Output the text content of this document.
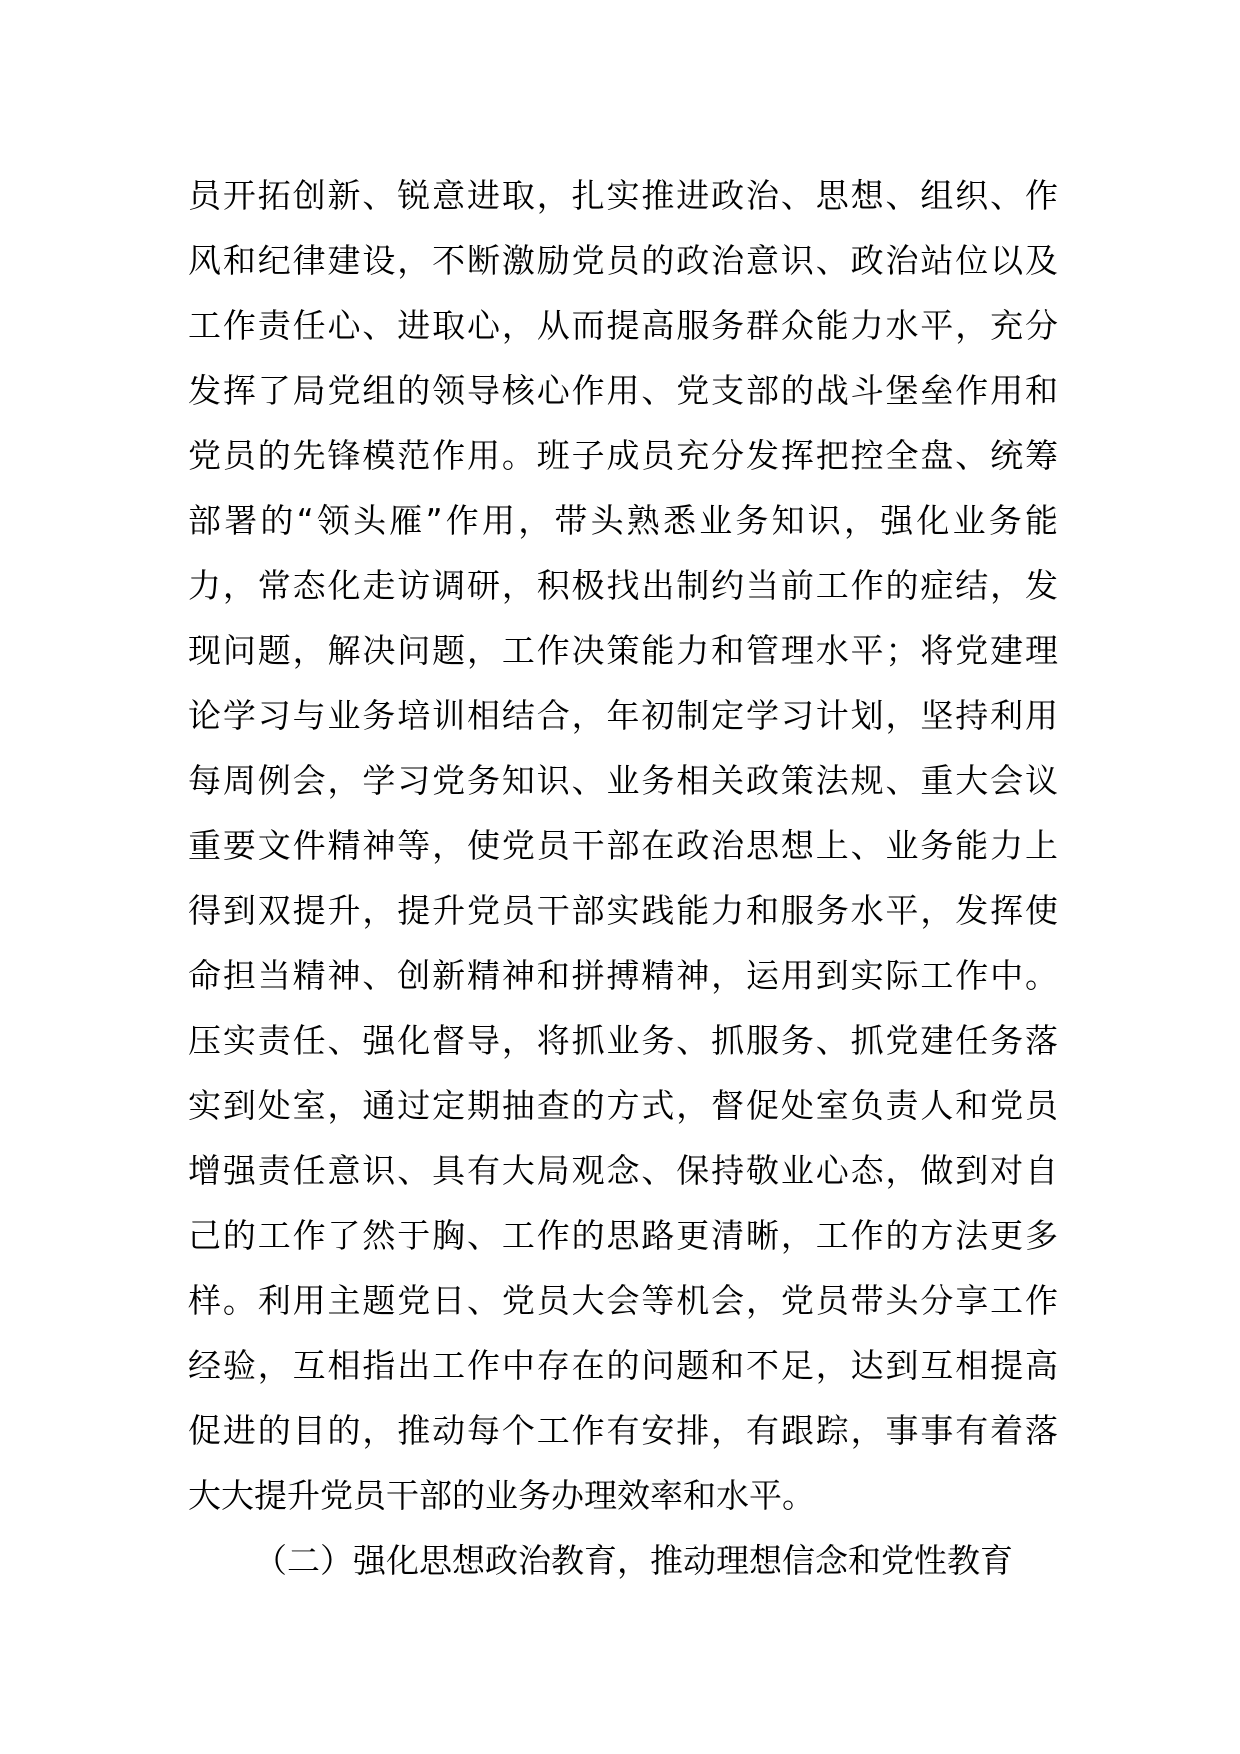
员开拓创新、锐意进取，扎实推进政治、思想、组织、作
风和纪律建设，不断激励党员的政治意识、政治站位以及
工作责任心、进取心，从而提高服务群众能力水平，充分
发挥了局党组的领导核心作用、党支部的战斗堡垒作用和
党员的先锋模范作用。班子成员充分发挥把控全盘、统筹
部署的“领头雁”作用，带头熟悉业务知识，强化业务能
力，常态化走访调研，积极找出制约当前工作的症结，发
现问题，解决问题，工作决策能力和管理水平；将党建理
论学习与业务培训相结合，年初制定学习计划，坚持利用
每周例会，学习党务知识、业务相关政策法规、重大会议
重要文件精神等，使党员干部在政治思想上、业务能力上
得到双提升，提升党员干部实践能力和服务水平，发挥使
命担当精神、创新精神和拼搏精神，运用到实际工作中。
压实责任、强化督导，将抓业务、抓服务、抓党建任务落
实到处室，通过定期抽查的方式，督促处室负责人和党员
增强责任意识、具有大局观念、保持敬业心态，做到对自
己的工作了然于胸、工作的思路更清晰，工作的方法更多
样。利用主题党日、党员大会等机会，党员带头分享工作
经验，互相指出工作中存在的问题和不足，达到互相提高
促进的目的，推动每个工作有安排，有跟踪，事事有着落
大大提升党员干部的业务办理效率和水平。
（二）强化思想政治教育，推动理想信念和党性教育
